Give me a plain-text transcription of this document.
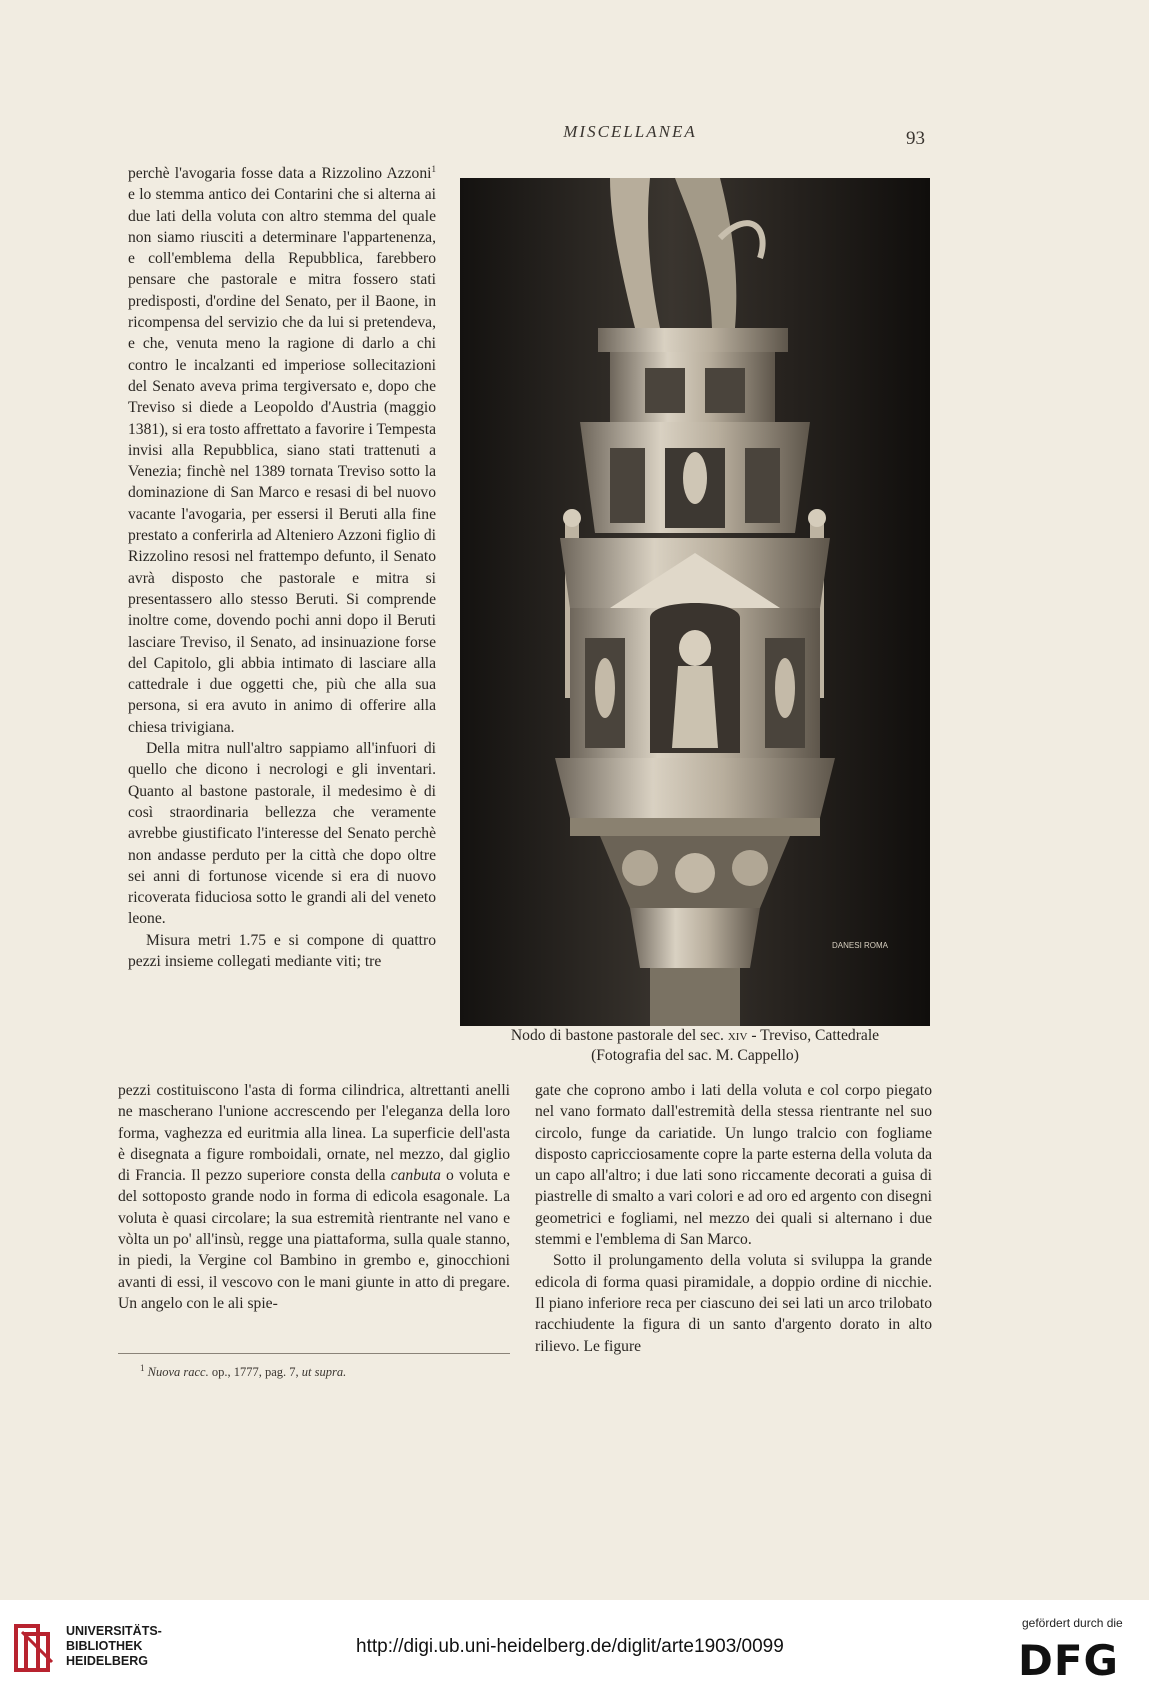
MISCELLANEA	93

perchè l'avogaria fosse data a Rizzolino Azzoni$^1$ e lo stemma antico dei Contarini che si alterna ai due lati della voluta con altro stemma del quale non siamo riusciti a determinare l'appartenenza, e coll'emblema della Repubblica, farebbero pensare che pastorale e mitra fossero stati predisposti, d'ordine del Senato, per il Baone, in ricompensa del servizio che da lui si pretendeva, e che, venuta meno la ragione di darlo a chi contro le incalzanti ed imperiose sollecitazioni del Senato aveva prima tergiversato e, dopo che Treviso si diede a Leopoldo d'Austria (maggio 1381), si era tosto affrettato a favorire i Tempesta invisi alla Repubblica, siano stati trattenuti a Venezia; finchè nel 1389 tornata Treviso sotto la dominazione di San Marco e resasi di bel nuovo vacante l'avogaria, per essersi il Beruti alla fine prestato a conferirla ad Alteniero Azzoni figlio di Rizzolino resosi nel frattempo defunto, il Senato avrà disposto che pastorale e mitra si presentassero allo stesso Beruti. Si comprende inoltre come, dovendo pochi anni dopo il Beruti lasciare Treviso, il Senato, ad insinuazione forse del Capitolo, gli abbia intimato di lasciare alla cattedrale i due oggetti che, più che alla sua persona, si era avuto in animo di offerire alla chiesa trivigiana.

Della mitra null'altro sappiamo all'infuori di quello che dicono i necrologi e gli inventari. Quanto al bastone pastorale, il medesimo è di così straordinaria bellezza che veramente avrebbe giustificato l'interesse del Senato perchè non andasse perduto per la città che dopo oltre sei anni di fortunose vicende si era di nuovo ricoverata fiduciosa sotto le grandi ali del veneto leone.

Misura metri 1.75 e si compone di quattro pezzi insieme collegati mediante viti; tre

DANESI ROMA
Nodo di bastone pastorale del sec. xiv - Treviso, Cattedrale
(Fotografia del sac. M. Cappello)

pezzi costituiscono l'asta di forma cilindrica, altrettanti anelli ne mascherano l'unione accrescendo per l'eleganza della loro forma, vaghezza ed euritmia alla linea. La superficie dell'asta è disegnata a figure romboidali, ornate, nel mezzo, dal giglio di Francia. Il pezzo superiore consta della canbuta o voluta e del sottoposto grande nodo in forma di edicola esagonale. La voluta è quasi circolare; la sua estremità rientrante nel vano e vòlta un po' all'insù, regge una piattaforma, sulla quale stanno, in piedi, la Vergine col Bambino in grembo e, ginocchioni avanti di essi, il vescovo con le mani giunte in atto di pregare. Un angelo con le ali spie-

gate che coprono ambo i lati della voluta e col corpo piegato nel vano formato dall'estremità della stessa rientrante nel suo circolo, funge da cariatide. Un lungo tralcio con fogliame disposto capricciosamente copre la parte esterna della voluta da un capo all'altro; i due lati sono riccamente decorati a guisa di piastrelle di smalto a vari colori e ad oro ed argento con disegni geometrici e fogliami, nel mezzo dei quali si alternano i due stemmi e l'emblema di San Marco.

Sotto il prolungamento della voluta si sviluppa la grande edicola di forma quasi piramidale, a doppio ordine di nicchie. Il piano inferiore reca per ciascuno dei sei lati un arco trilobato racchiudente la figura di un santo d'argento dorato in alto rilievo. Le figure

$^1$ Nuova racc. op., 1777, pag. 7, ut supra.
UNIVERSITÄTS-
BIBLIOTHEK
HEIDELBERG
http://digi.ub.uni-heidelberg.de/diglit/arte1903/0099
gefördert durch die
DFG
